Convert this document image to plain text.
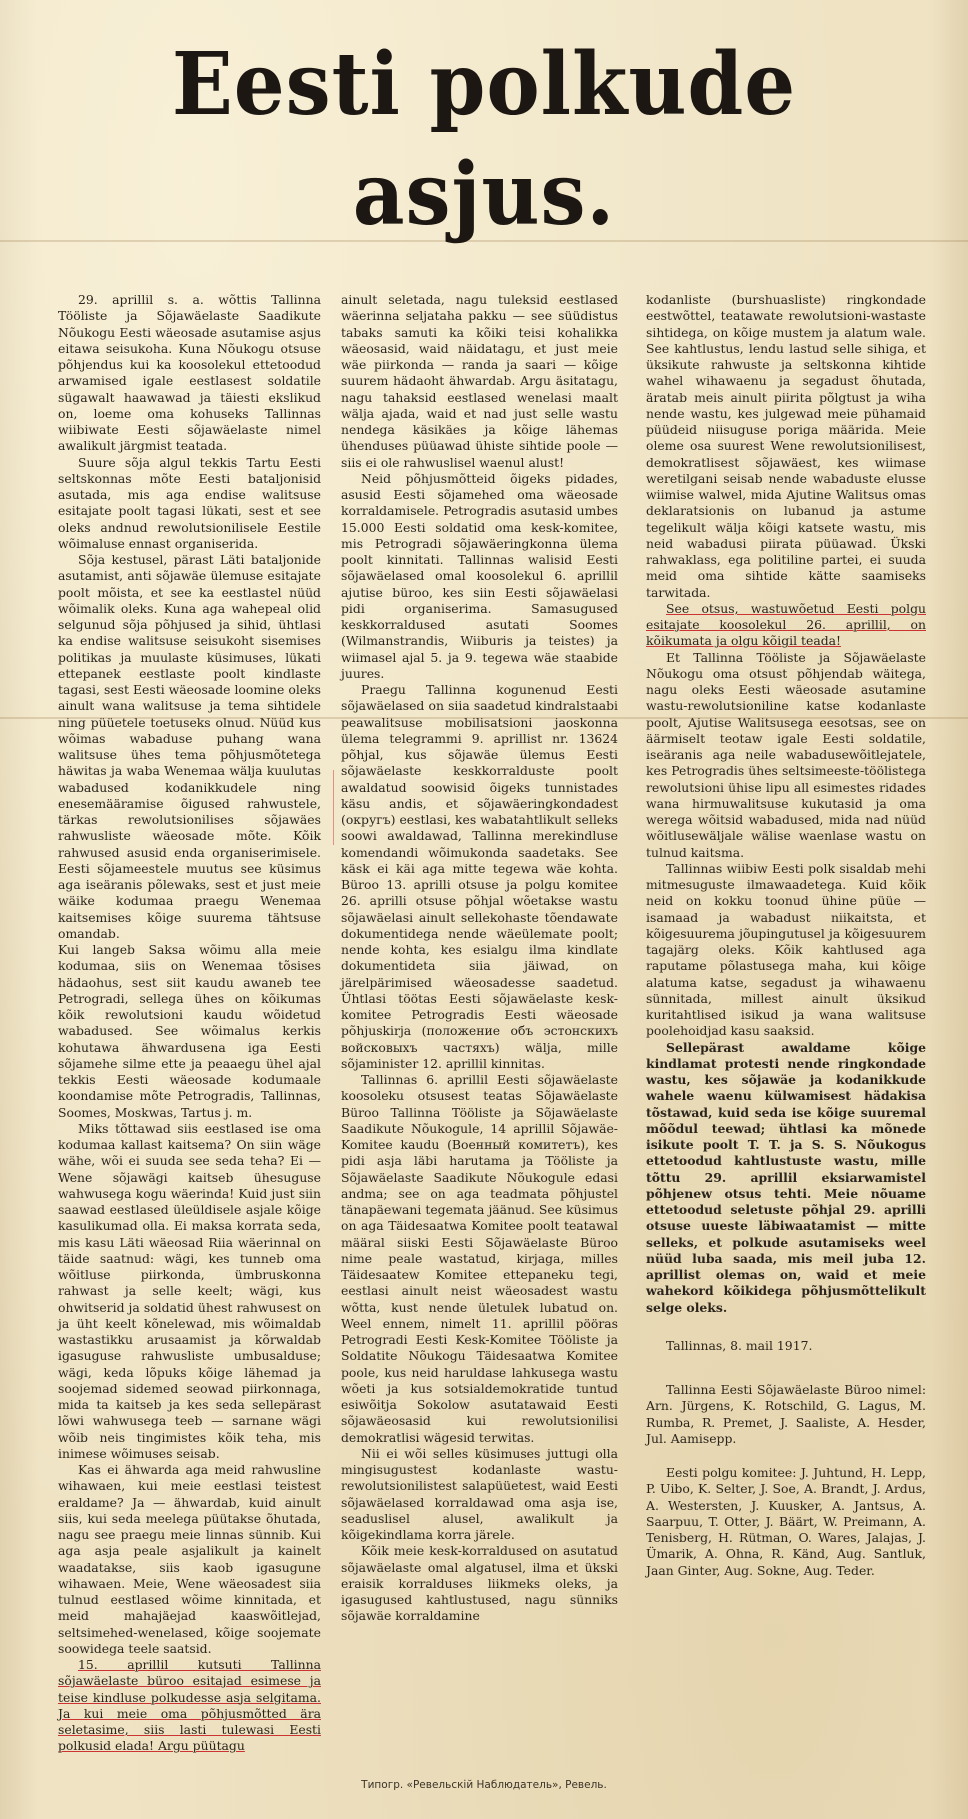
Eesti polkude asjus.

29. aprillil s. a. wõttis Tallinna Tööliste ja Sõjawäelaste Saadikute Nõukogu Eesti wäeosade asutamise asjus eitawa seisukoha. Kuna Nõukogu otsuse põhjendus kui ka koosolekul ettetoodud arwamised igale eestlasest soldatile sügawalt haawawad ja täiesti ekslikud on, loeme oma kohuseks Tallinnas wiibiwate Eesti sõjawäelaste nimel awalikult järgmist teatada.

Suure sõja algul tekkis Tartu Eesti seltskonnas mõte Eesti bataljonisid asutada, mis aga endise walitsuse esitajate poolt tagasi lükati, sest et see oleks andnud rewolutsionilisele Eestile wõimaluse ennast organiserida.

Sõja kestusel, pärast Läti bataljonide asutamist, anti sõjawäe ülemuse esitajate poolt mõista, et see ka eestlastel nüüd wõimalik oleks. Kuna aga wahepeal olid selgunud sõja põhjused ja sihid, ühtlasi ka endise walitsuse seisukoht sisemises politikas ja muulaste küsimuses, lükati ettepanek eestlaste poolt kindlaste tagasi, sest Eesti wäeosade loomine oleks ainult wana walitsuse ja tema sihtidele ning püüetele toetuseks olnud. Nüüd kus wõimas wabaduse puhang wana walitsuse ühes tema põhjusmõtetega häwitas ja waba Wenemaa wälja kuulutas wabadused kodanikkudele ning enesemääramise õigused rahwustele, tärkas rewolutsionilises sõjawäes rahwusliste wäeosade mõte. Kõik rahwused asusid enda organiserimisele. Eesti sõjameestele muutus see küsimus aga iseäranis põlewaks, sest et just meie wäike kodumaa praegu Wenemaa kaitsemises kõige suurema tähtsuse omandab.

Kui langeb Saksa wõimu alla meie kodumaa, siis on Wenemaa tõsises hädaohus, sest siit kaudu awaneb tee Petrogradi, sellega ühes on kõikumas kõik rewolutsioni kaudu wõidetud wabadused. See wõimalus kerkis kohutawa ähwardusena iga Eesti sõjamehe silme ette ja peaaegu ühel ajal tekkis Eesti wäeosade kodumaale koondamise mõte Petrogradis, Tallinnas, Soomes, Moskwas, Tartus j. m.

Miks tõttawad siis eestlased ise oma kodumaa kallast kaitsema? On siin wäge wähe, wõi ei suuda see seda teha? Ei — Wene sõjawägi kaitseb ühesuguse wahwusega kogu wäerinda! Kuid just siin saawad eestlased üleüldisele asjale kõige kasulikumad olla. Ei maksa korrata seda, mis kasu Läti wäeosad Riia wäerinnal on täide saatnud: wägi, kes tunneb oma wõitluse piirkonda, ümbruskonna rahwast ja selle keelt; wägi, kus ohwitserid ja soldatid ühest rahwusest on ja üht keelt kõnelewad, mis wõimaldab wastastikku arusaamist ja kõrwaldab igasuguse rahwusliste umbusalduse; wägi, keda lõpuks kõige lähemad ja soojemad sidemed seowad piirkonnaga, mida ta kaitseb ja kes seda sellepärast lõwi wahwusega teeb — sarnane wägi wõib neis tingimistes kõik teha, mis inimese wõimuses seisab.

Kas ei ähwarda aga meid rahwusline wihawaen, kui meie eestlasi teistest eraldame? Ja — ähwardab, kuid ainult siis, kui seda meelega püütakse õhutada, nagu see praegu meie linnas sünnib. Kui aga asja peale asjalikult ja kainelt waadatakse, siis kaob igasugune wihawaen. Meie, Wene wäeosadest siia tulnud eestlased wõime kinnitada, et meid mahajäejad kaaswõitlejad, seltsimehed-wenelased, kõige soojemate soowidega teele saatsid.

15. aprillil kutsuti Tallinna sõjawäelaste büroo esitajad esimese ja teise kindluse polkudesse asja selgitama. Ja kui meie oma põhjusmõtted ära seletasime, siis lasti tulewasi Eesti polkusid elada! Argu püütagu

ainult seletada, nagu tuleksid eestlased wäerinna seljataha pakku — see süüdistus tabaks samuti ka kõiki teisi kohalikka wäeosasid, waid näidatagu, et just meie wäe piirkonda — randa ja saari — kõige suurem hädaoht ähwardab. Argu äsitatagu, nagu tahaksid eestlased wenelasi maalt wälja ajada, waid et nad just selle wastu nendega käsikäes ja kõige lähemas ühenduses püüawad ühiste sihtide poole — siis ei ole rahwuslisel waenul alust!

Neid põhjusmõtteid õigeks pidades, asusid Eesti sõjamehed oma wäeosade korraldamisele. Petrogradis asutasid umbes 15.000 Eesti soldatid oma kesk-komitee, mis Petrogradi sõjawäeringkonna ülema poolt kinnitati. Tallinnas walisid Eesti sõjawäelased omal koosolekul 6. aprillil ajutise büroo, kes siin Eesti sõjawäelasi pidi organiserima. Samasugused keskkorraldused asutati Soomes (Wilmanstrandis, Wiiburis ja teistes) ja wiimasel ajal 5. ja 9. tegewa wäe staabide juures.

Praegu Tallinna kogunenud Eesti sõjawäelased on siia saadetud kindralstaabi peawalitsuse mobilisatsioni jaoskonna ülema telegrammi 9. aprillist nr. 13624 põhjal, kus sõjawäe ülemus Eesti sõjawäelaste keskkorralduste poolt awaldatud soowisid õigeks tunnistades käsu andis, et sõjawäeringkondadest (округъ) eestlasi, kes wabatahtlikult selleks soowi awaldawad, Tallinna merekindluse komendandi wõimukonda saadetaks. See käsk ei käi aga mitte tegewa wäe kohta. Büroo 13. aprilli otsuse ja polgu komitee 26. aprilli otsuse põhjal wõetakse wastu sõjawäelasi ainult sellekohaste tõendawate dokumentidega nende wäeülemate poolt; nende kohta, kes esialgu ilma kindlate dokumentideta siia jäiwad, on järelpärimised wäeosadesse saadetud. Ühtlasi töötas Eesti sõjawäelaste kesk-komitee Petrogradis Eesti wäeosade põhjuskirja (положение объ эстонскихъ войсковыхъ частяхъ) wälja, mille sõjaminister 12. aprillil kinnitas.

Tallinnas 6. aprillil Eesti sõjawäelaste koosoleku otsusest teatas Sõjawäelaste Büroo Tallinna Tööliste ja Sõjawäelaste Saadikute Nõukogule, 14 aprillil Sõjawäe-Komitee kaudu (Военный комитетъ), kes pidi asja läbi harutama ja Tööliste ja Sõjawäelaste Saadikute Nõukogule edasi andma; see on aga teadmata põhjustel tänapäewani tegemata jäänud. See küsimus on aga Täidesaatwa Komitee poolt teatawal määral siiski Eesti Sõjawäelaste Büroo nime peale wastatud, kirjaga, milles Täidesaatew Komitee ettepaneku tegi, eestlasi ainult neist wäeosadest wastu wõtta, kust nende ületulek lubatud on. Weel ennem, nimelt 11. aprillil pööras Petrogradi Eesti Kesk-Komitee Tööliste ja Soldatite Nõukogu Täidesaatwa Komitee poole, kus neid haruldase lahkusega wastu wõeti ja kus sotsialdemokratide tuntud esiwõitja Sokolow asutatawaid Eesti sõjawäeosasid kui rewolutsionilisi demokratlisi wägesid terwitas.

Nii ei wõi selles küsimuses juttugi olla mingisugustest kodanlaste wastu-rewolutsionilistest salapüüetest, waid Eesti sõjawäelased korraldawad oma asja ise, seaduslisel alusel, awalikult ja kõigekindlama korra järele.

Kõik meie kesk-korraldused on asutatud sõjawäelaste omal algatusel, ilma et ükski eraisik korralduses liikmeks oleks, ja igasugused kahtlustused, nagu sünniks sõjawäe korraldamine

kodanliste (burshuasliste) ringkondade eestwõttel, teatawate rewolutsioni-wastaste sihtidega, on kõige mustem ja alatum wale. See kahtlustus, lendu lastud selle sihiga, et üksikute rahwuste ja seltskonna kihtide wahel wihawaenu ja segadust õhutada, äratab meis ainult piirita põlgtust ja wiha nende wastu, kes julgewad meie pühamaid püüdeid niisuguse poriga määrida. Meie oleme osa suurest Wene rewolutsionilisest, demokratlisest sõjawäest, kes wiimase weretilgani seisab nende wabaduste elusse wiimise walwel, mida Ajutine Walitsus omas deklaratsionis on lubanud ja astume tegelikult wälja kõigi katsete wastu, mis neid wabadusi piirata püüawad. Ükski rahwaklass, ega politiline partei, ei suuda meid oma sihtide kätte saamiseks tarwitada.

See otsus, wastuwõetud Eesti polgu esitajate koosolekul 26. aprillil, on kõikumata ja olgu kõigil teada!

Et Tallinna Tööliste ja Sõjawäelaste Nõukogu oma otsust põhjendab wäitega, nagu oleks Eesti wäeosade asutamine wastu-rewolutsioniline katse kodanlaste poolt, Ajutise Walitsusega eesotsas, see on äärmiselt teotaw igale Eesti soldatile, iseäranis aga neile wabadusewõitlejatele, kes Petrogradis ühes seltsimeeste-töölistega rewolutsioni ühise lipu all esimestes ridades wana hirmuwalitsuse kukutasid ja oma werega wõitsid wabadused, mida nad nüüd wõitlusewäljale wälise waenlase wastu on tulnud kaitsma.

Tallinnas wiibiw Eesti polk sisaldab mehi mitmesuguste ilmawaadetega. Kuid kõik neid on kokku toonud ühine püüe — isamaad ja wabadust niikaitsta, et kõigesuurema jõupingutusel ja kõigesuurem tagajärg oleks. Kõik kahtlused aga raputame põlastusega maha, kui kõige alatuma katse, segadust ja wihawaenu sünnitada, millest ainult üksikud kuritahtlised isikud ja wana walitsuse poolehoidjad kasu saaksid.

Sellepärast awaldame kõige kindlamat protesti nende ringkondade wastu, kes sõjawäe ja kodanikkude wahele waenu külwamisest hädakisa tõstawad, kuid seda ise kõige suuremal mõõdul teewad; ühtlasi ka mõnede isikute poolt T. T. ja S. S. Nõukogus ettetoodud kahtlustuste wastu, mille tõttu 29. aprillil eksiarwamistel põhjenew otsus tehti. Meie nõuame ettetoodud seletuste põhjal 29. aprilli otsuse uueste läbiwaatamist — mitte selleks, et polkude asutamiseks weel nüüd luba saada, mis meil juba 12. aprillist olemas on, waid et meie wahekord kõikidega põhjusmõttelikult selge oleks.

Tallinnas, 8. mail 1917.

Tallinna Eesti Sõjawäelaste Büroo nimel: Arn. Jürgens, K. Rotschild, G. Lagus, M. Rumba, R. Premet, J. Saaliste, A. Hesder, Jul. Aamisepp.

Eesti polgu komitee: J. Juhtund, H. Lepp, P. Uibo, K. Selter, J. Soe, A. Brandt, J. Ardus, A. Westersten, J. Kuusker, A. Jantsus, A. Saarpuu, T. Otter, J. Bäärt, W. Preimann, A. Tenisberg, H. Rütman, O. Wares, Jalajas, J. Ümarik, A. Ohna, R. Känd, Aug. Santluk, Jaan Ginter, Aug. Sokne, Aug. Teder.

Типогр. «Ревельскій Наблюдатель», Ревель.
